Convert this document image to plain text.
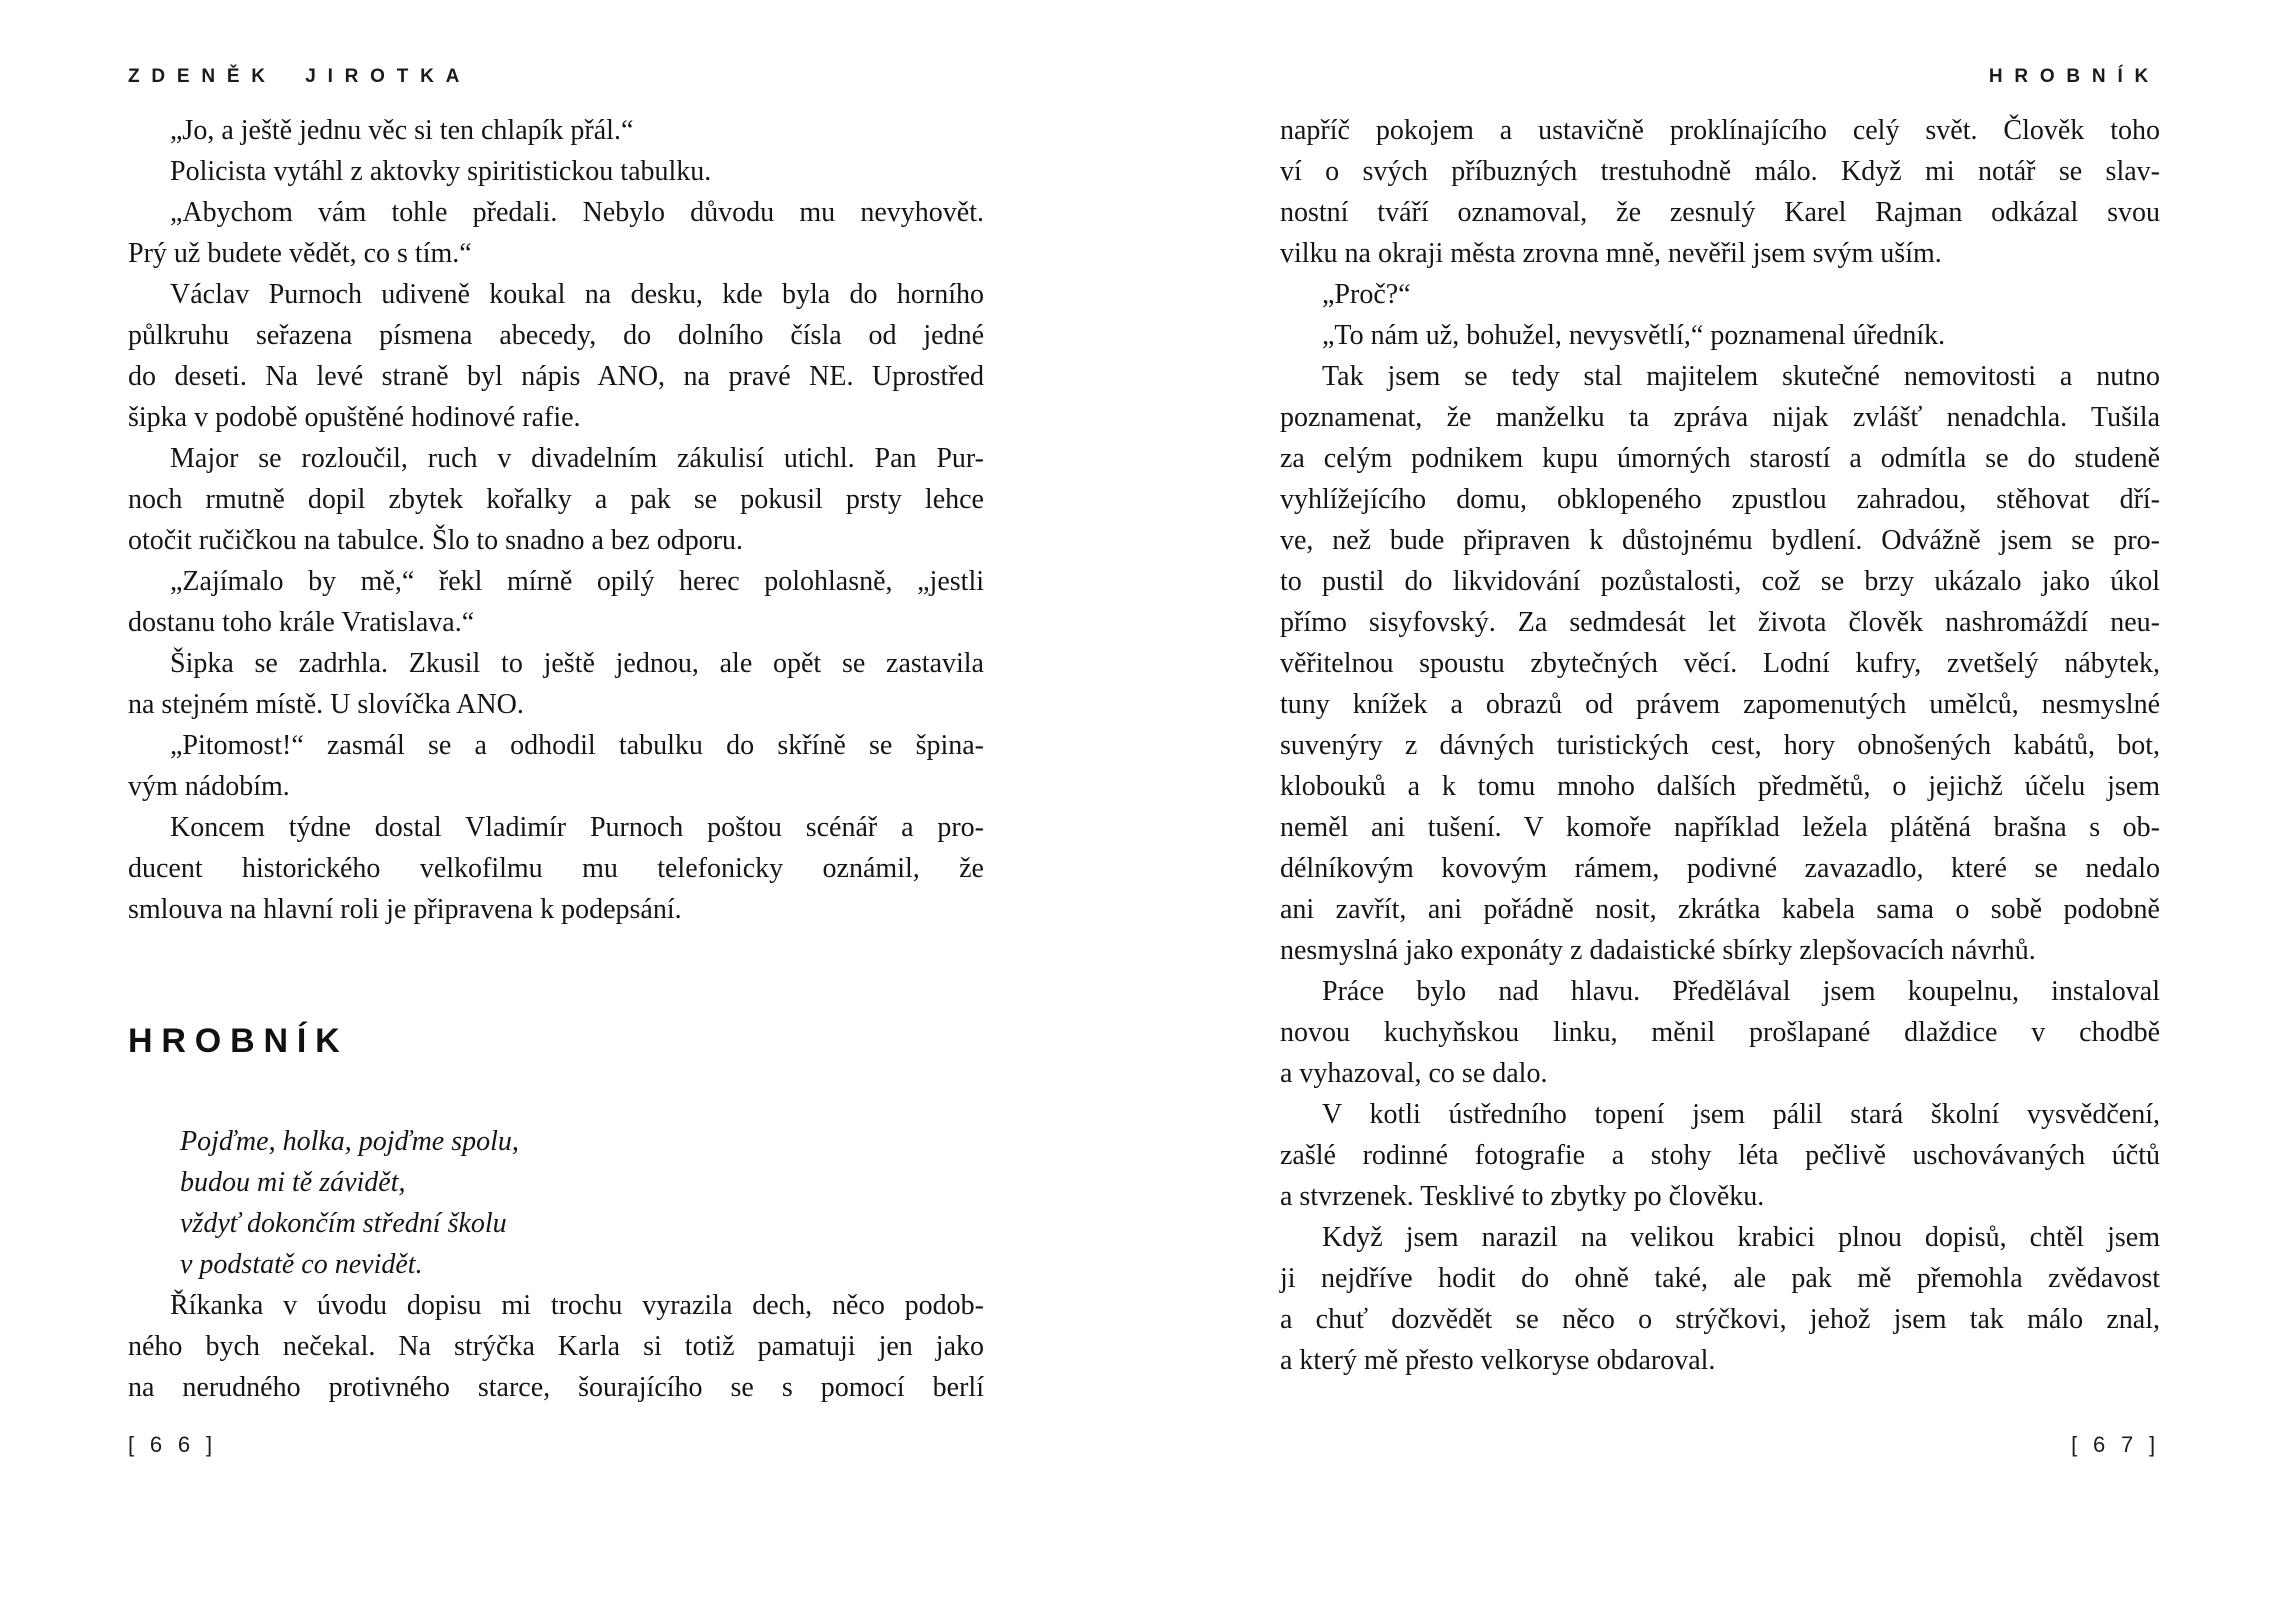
ZDENĚK JIROTKA
„Jo, a ještě jednu věc si ten chlapík přál.“
Policista vytáhl z aktovky spiritistickou tabulku.
„Abychom vám tohle předali. Nebylo důvodu mu nevyhovět.
Prý už budete vědět, co s tím.“
Václav Purnoch udiveně koukal na desku, kde byla do horního
půlkruhu seřazena písmena abecedy, do dolního čísla od jedné
do deseti. Na levé straně byl nápis ANO, na pravé NE. Uprostřed
šipka v podobě opuštěné hodinové rafie.
Major se rozloučil, ruch v divadelním zákulisí utichl. Pan Pur-
noch rmutně dopil zbytek kořalky a pak se pokusil prsty lehce
otočit ručičkou na tabulce. Šlo to snadno a bez odporu.
„Zajímalo by mě,“ řekl mírně opilý herec polohlasně, „jestli
dostanu toho krále Vratislava.“
Šipka se zadrhla. Zkusil to ještě jednou, ale opět se zastavila
na stejném místě. U slovíčka ANO.
„Pitomost!“ zasmál se a odhodil tabulku do skříně se špina-
vým nádobím.
Koncem týdne dostal Vladimír Purnoch poštou scénář a pro-
ducent historického velkofilmu mu telefonicky oznámil, že
smlouva na hlavní roli je připravena k podepsání.
HROBNÍK
Pojďme, holka, pojďme spolu,
budou mi tě závidět,
vždyť dokončím střední školu
v podstatě co nevidět.
Říkanka v úvodu dopisu mi trochu vyrazila dech, něco podob-
ného bych nečekal. Na strýčka Karla si totiž pamatuji jen jako
na nerudného protivného starce, šourajícího se s pomocí berlí
[ 6 6 ]
HROBNÍK
napříč pokojem a ustavičně proklínajícího celý svět. Člověk toho
ví o svých příbuzných trestuhodně málo. Když mi notář se slav-
nostní tváří oznamoval, že zesnulý Karel Rajman odkázal svou
vilku na okraji města zrovna mně, nevěřil jsem svým uším.
„Proč?“
„To nám už, bohužel, nevysvětlí,“ poznamenal úředník.
Tak jsem se tedy stal majitelem skutečné nemovitosti a nutno
poznamenat, že manželku ta zpráva nijak zvlášť nenadchla. Tušila
za celým podnikem kupu úmorných starostí a odmítla se do studeně
vyhlížejícího domu, obklopeného zpustlou zahradou, stěhovat dří-
ve, než bude připraven k důstojnému bydlení. Odvážně jsem se pro-
to pustil do likvidování pozůstalosti, což se brzy ukázalo jako úkol
přímo sisyfovský. Za sedmdesát let života člověk nashromáždí neu-
věřitelnou spoustu zbytečných věcí. Lodní kufry, zvetšelý nábytek,
tuny knížek a obrazů od právem zapomenutých umělců, nesmyslné
suvenýry z dávných turistických cest, hory obnošených kabátů, bot,
klobouků a k tomu mnoho dalších předmětů, o jejichž účelu jsem
neměl ani tušení. V komoře například ležela plátěná brašna s ob-
délníkovým kovovým rámem, podivné zavazadlo, které se nedalo
ani zavřít, ani pořádně nosit, zkrátka kabela sama o sobě podobně
nesmyslná jako exponáty z dadaistické sbírky zlepšovacích návrhů.
Práce bylo nad hlavu. Předělával jsem koupelnu, instaloval
novou kuchyňskou linku, měnil prošlapané dlaždice v chodbě
a vyhazoval, co se dalo.
V kotli ústředního topení jsem pálil stará školní vysvědčení,
zašlé rodinné fotografie a stohy léta pečlivě uschovávaných účtů
a stvrzenek. Tesklivé to zbytky po člověku.
Když jsem narazil na velikou krabici plnou dopisů, chtěl jsem
ji nejdříve hodit do ohně také, ale pak mě přemohla zvědavost
a chuť dozvědět se něco o strýčkovi, jehož jsem tak málo znal,
a který mě přesto velkoryse obdaroval.
[ 6 7 ]
